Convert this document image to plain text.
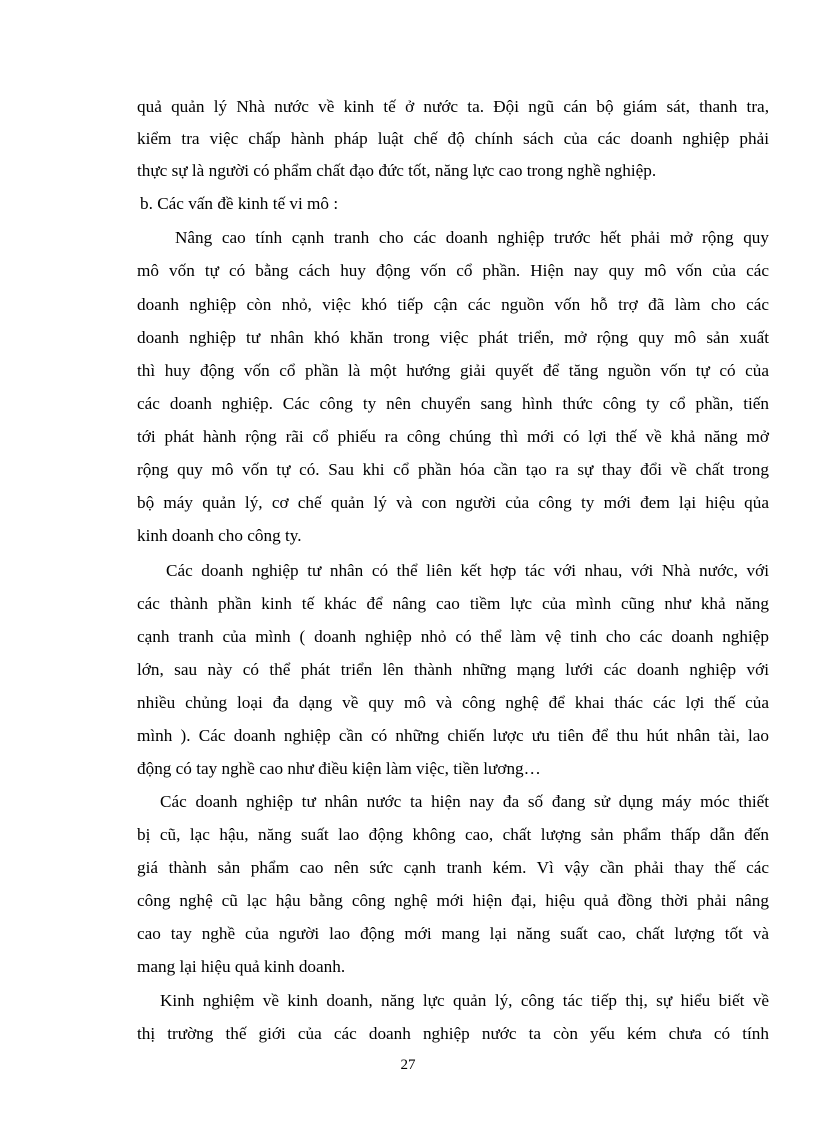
quả quản lý Nhà nước về kinh tế ở nước ta. Đội ngũ cán bộ giám sát, thanh tra,
kiểm tra việc chấp hành pháp luật chế độ chính sách của các doanh nghiệp phải
thực sự là người có phẩm chất đạo đức tốt, năng lực cao trong nghề nghiệp.
b. Các vấn đề kinh tế vi mô :
Nâng cao tính cạnh tranh cho các doanh nghiệp trước hết phải mở rộng quy
mô vốn tự có bằng cách huy động vốn cổ phần. Hiện nay quy mô vốn của các
doanh nghiệp còn nhỏ, việc khó tiếp cận các nguồn vốn hỗ trợ đã làm cho các
doanh nghiệp tư nhân khó khăn trong việc phát triển, mở rộng quy mô sản xuất
thì huy động vốn cổ phần là một hướng giải quyết để tăng nguồn vốn tự có của
các doanh nghiệp. Các công ty nên chuyển sang hình thức công ty cổ phần, tiến
tới phát hành rộng rãi cổ phiếu ra công chúng thì mới có lợi thế về khả năng mở
rộng quy mô vốn tự có. Sau khi cổ phần hóa cần tạo ra sự thay đổi về chất trong
bộ máy quản lý, cơ chế quản lý và con người của công ty mới đem lại hiệu qủa
kinh doanh cho công ty.
Các doanh nghiệp tư nhân có thể liên kết hợp tác với nhau, với Nhà nước, với
các thành phần kinh tế khác để nâng cao tiềm lực của mình cũng như khả năng
cạnh tranh của mình ( doanh nghiệp nhỏ có thể làm vệ tinh cho các doanh nghiệp
lớn, sau này có thể phát triển lên thành những mạng lưới các doanh nghiệp với
nhiều chủng loại đa dạng về quy mô và công nghệ để khai thác các lợi thế của
mình ). Các doanh nghiệp cần có những chiến lược ưu tiên để thu hút nhân tài, lao
động có tay nghề cao như điều kiện làm việc, tiền lương…
Các doanh nghiệp tư nhân nước ta hiện nay đa số đang sử dụng máy móc thiết
bị cũ, lạc hậu, năng suất lao động không cao, chất lượng sản phẩm thấp dẫn đến
giá thành sản phẩm cao nên sức cạnh tranh kém. Vì vậy cần phải thay thế các
công nghệ cũ lạc hậu bằng công nghệ mới hiện đại, hiệu quả đồng thời phải nâng
cao tay nghề của người lao động mới mang lại năng suất cao, chất lượng tốt và
mang lại hiệu quả kinh doanh.
Kinh nghiệm về kinh doanh, năng lực quản lý, công tác tiếp thị, sự hiểu biết về
thị trường thế giới của các doanh nghiệp nước ta còn yếu kém chưa có tính
27
